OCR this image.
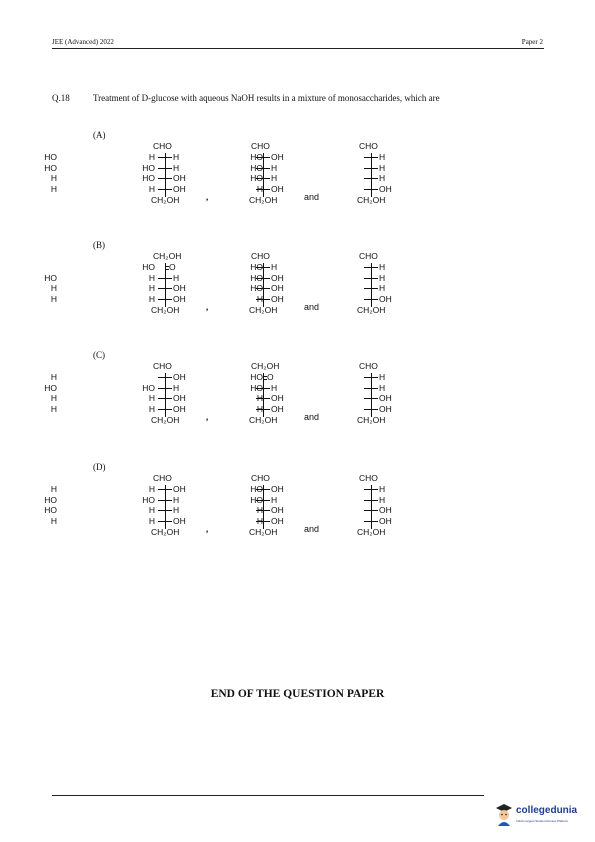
JEE (Advanced) 2022	Paper 2
Q.18	Treatment of D-glucose with aqueous NaOH results in a mixture of monosaccharides, which are
(A)
CHO
HO	H
HO	H
H	OH
H	OH
CH₂OH
CHO
H	OH
HO	H
HO	H
H	OH
CH₂OH
CHO
HO	H
HO	H
HO	H
H	OH
CH₂OH
,	and
(B)
CH₂OH
O
HO	H
H	OH
H	OH
CH₂OH
CHO
HO	H
H	OH
H	OH
H	OH
CH₂OH
CHO
HO	H
HO	H
HO	H
H	OH
CH₂OH
,	and
(C)
CHO
H	OH
HO	H
H	OH
H	OH
CH₂OH
CH₂OH
O
HO	H
H	OH
H	OH
CH₂OH
CHO
HO	H
HO	H
H	OH
H	OH
CH₂OH
,	and
(D)
CHO
H	OH
HO	H
HO	H
H	OH
CH₂OH
CHO
H	OH
HO	H
H	OH
H	OH
CH₂OH
CHO
HO	H
HO	H
H	OH
H	OH
CH₂OH
,	and
END OF THE QUESTION PAPER
collegedunia
India's largest Student Review Platform
